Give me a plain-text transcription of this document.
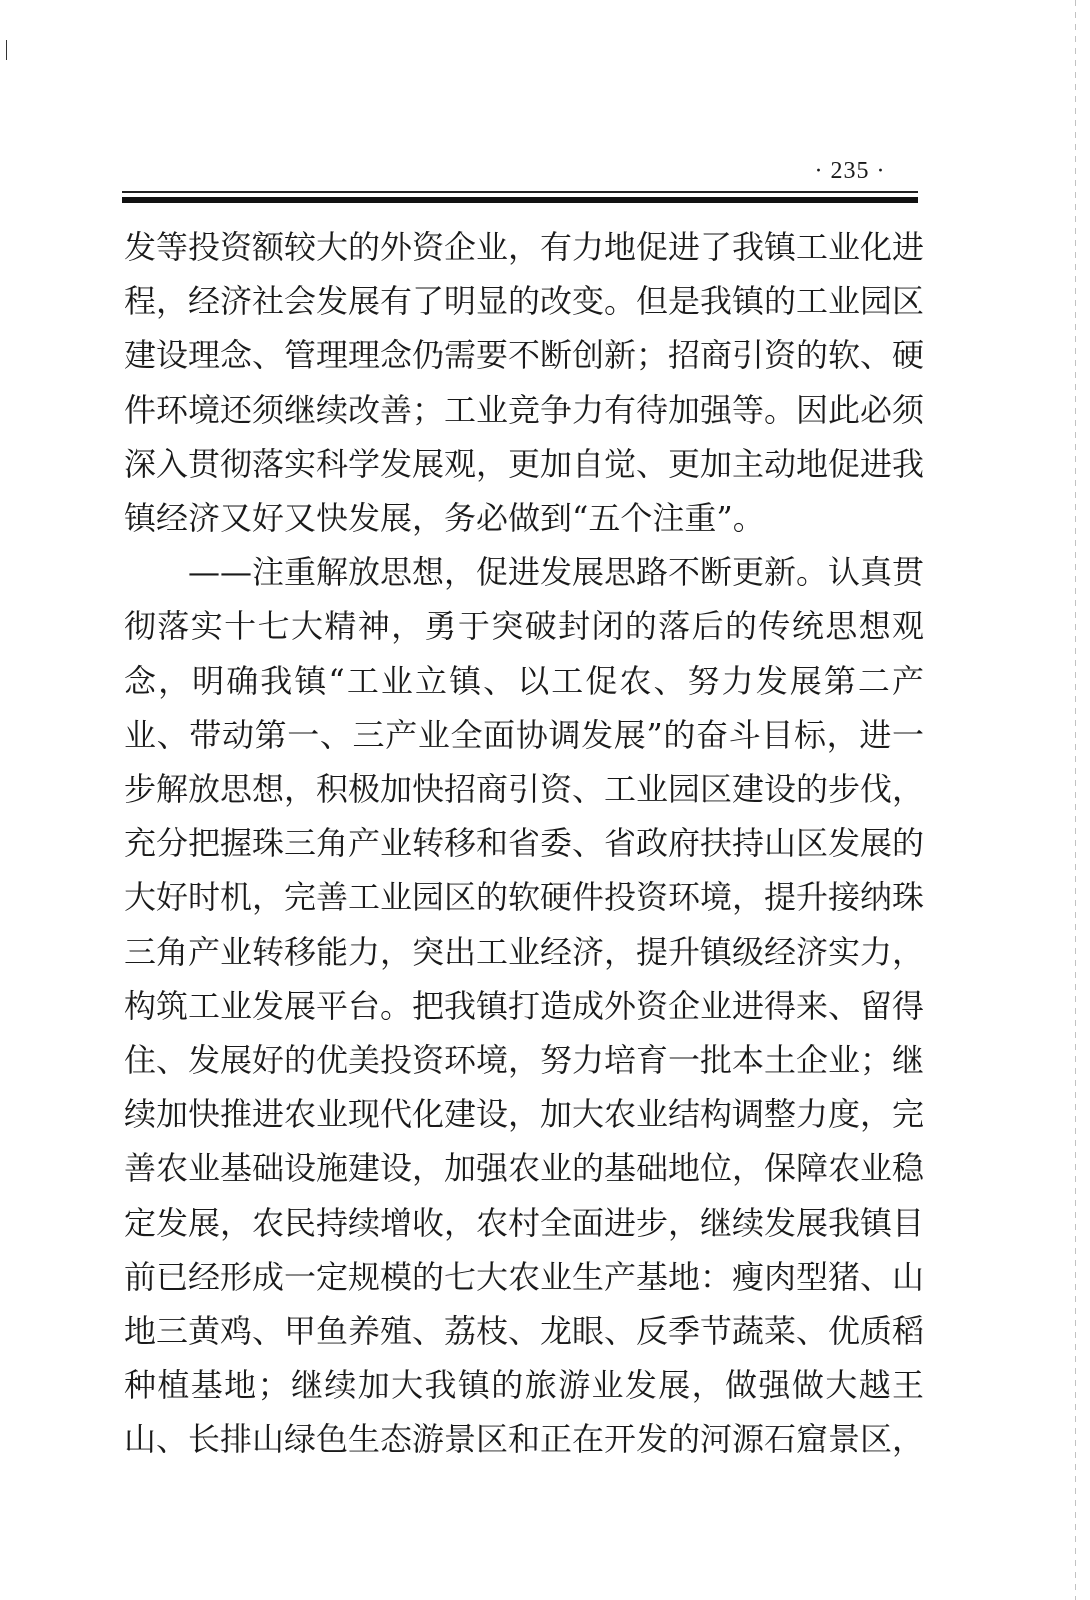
· 235 ·

发等投资额较大的外资企业，有力地促进了我镇工业化进程，经济社会发展有了明显的改变。但是我镇的工业园区建设理念、管理理念仍需要不断创新；招商引资的软、硬件环境还须继续改善；工业竞争力有待加强等。因此必须深入贯彻落实科学发展观，更加自觉、更加主动地促进我镇经济又好又快发展，务必做到“五个注重”。

——注重解放思想，促进发展思路不断更新。认真贯彻落实十七大精神，勇于突破封闭的落后的传统思想观念，明确我镇“工业立镇、以工促农、努力发展第二产业、带动第一、三产业全面协调发展”的奋斗目标，进一步解放思想，积极加快招商引资、工业园区建设的步伐，充分把握珠三角产业转移和省委、省政府扶持山区发展的大好时机，完善工业园区的软硬件投资环境，提升接纳珠三角产业转移能力，突出工业经济，提升镇级经济实力，构筑工业发展平台。把我镇打造成外资企业进得来、留得住、发展好的优美投资环境，努力培育一批本土企业；继续加快推进农业现代化建设，加大农业结构调整力度，完善农业基础设施建设，加强农业的基础地位，保障农业稳定发展，农民持续增收，农村全面进步，继续发展我镇目前已经形成一定规模的七大农业生产基地：瘦肉型猪、山地三黄鸡、甲鱼养殖、荔枝、龙眼、反季节蔬菜、优质稻种植基地；继续加大我镇的旅游业发展，做强做大越王山、长排山绿色生态游景区和正在开发的河源石窟景区，
